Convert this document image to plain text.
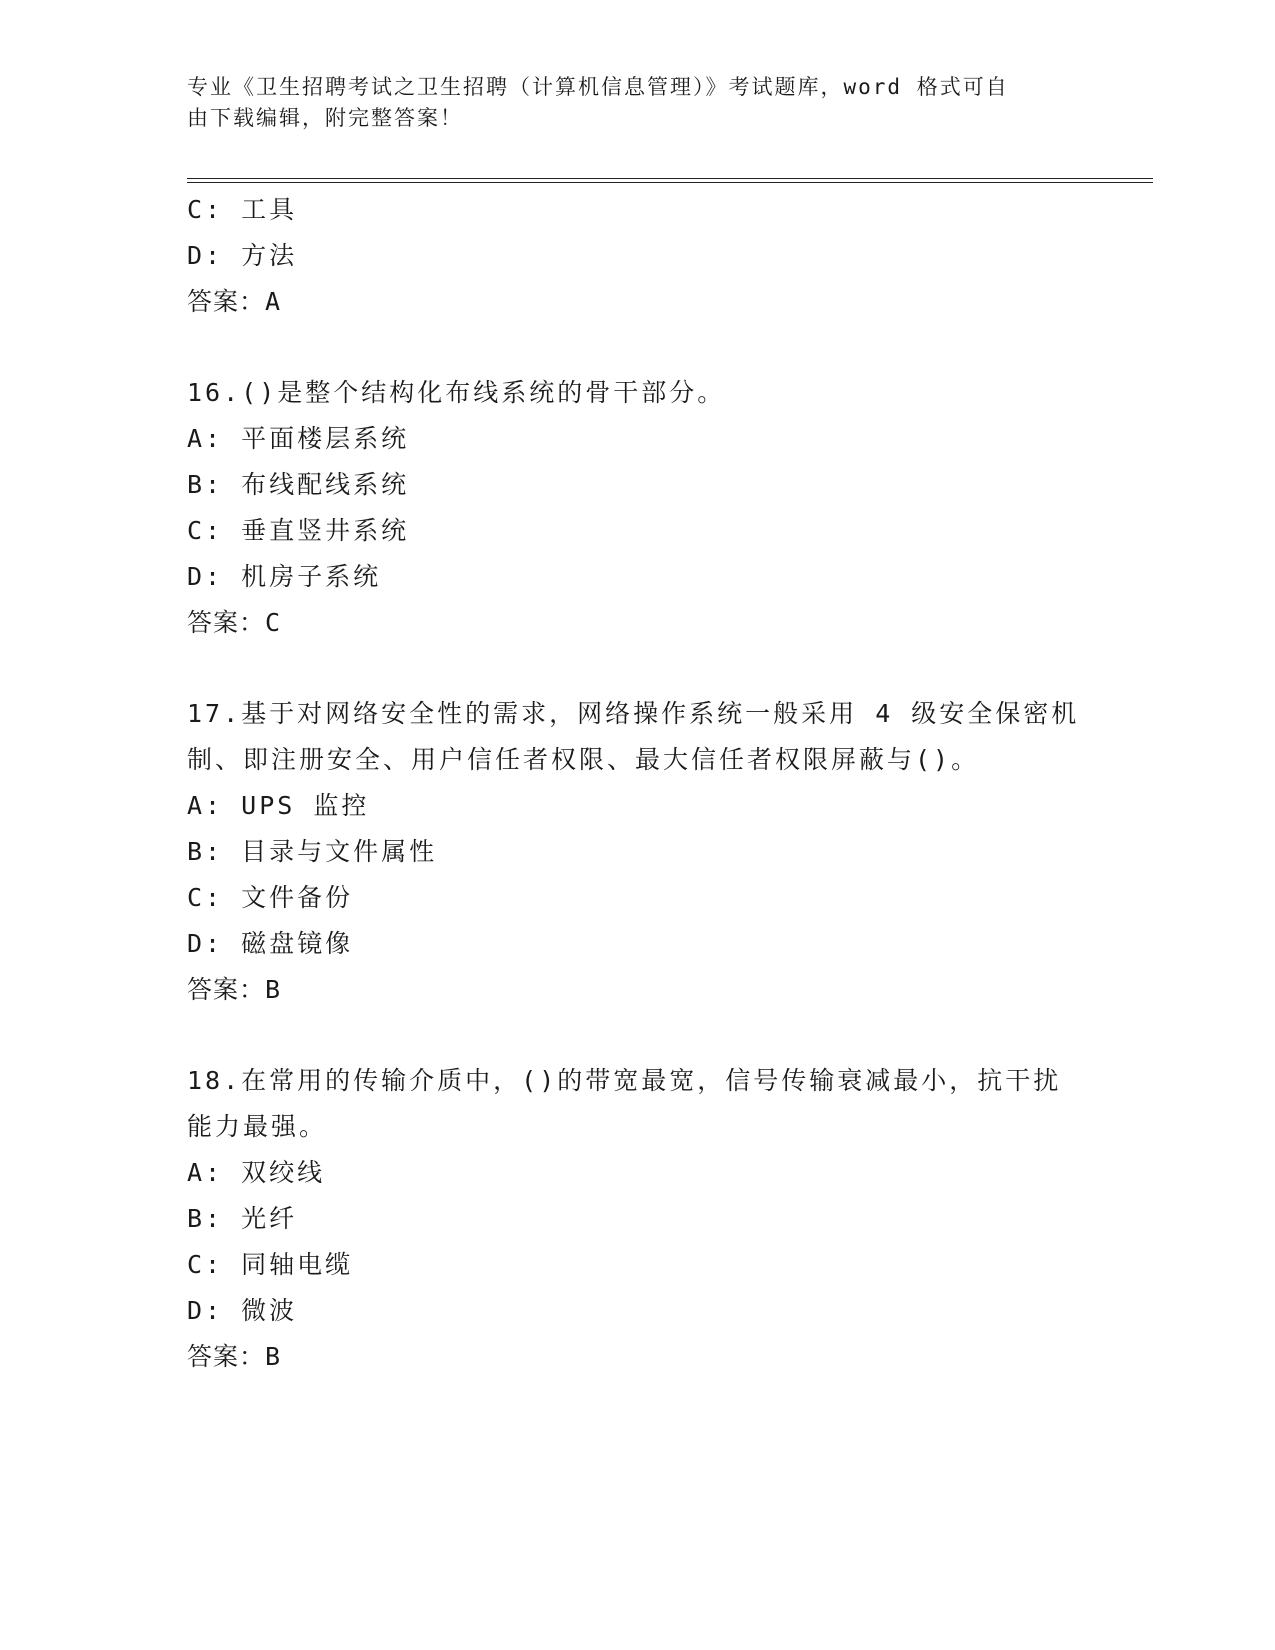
专业《卫生招聘考试之卫生招聘（计算机信息管理）》考试题库，word 格式可自
由下载编辑，附完整答案！
C: 工具
D: 方法
答案：A
16.()是整个结构化布线系统的骨干部分。
A: 平面楼层系统
B: 布线配线系统
C: 垂直竖井系统
D: 机房子系统
答案：C
17.基于对网络安全性的需求，网络操作系统一般采用 4 级安全保密机
制、即注册安全、用户信任者权限、最大信任者权限屏蔽与()。
A: UPS 监控
B: 目录与文件属性
C: 文件备份
D: 磁盘镜像
答案：B
18.在常用的传输介质中，()的带宽最宽，信号传输衰减最小，抗干扰
能力最强。
A: 双绞线
B: 光纤
C: 同轴电缆
D: 微波
答案：B
